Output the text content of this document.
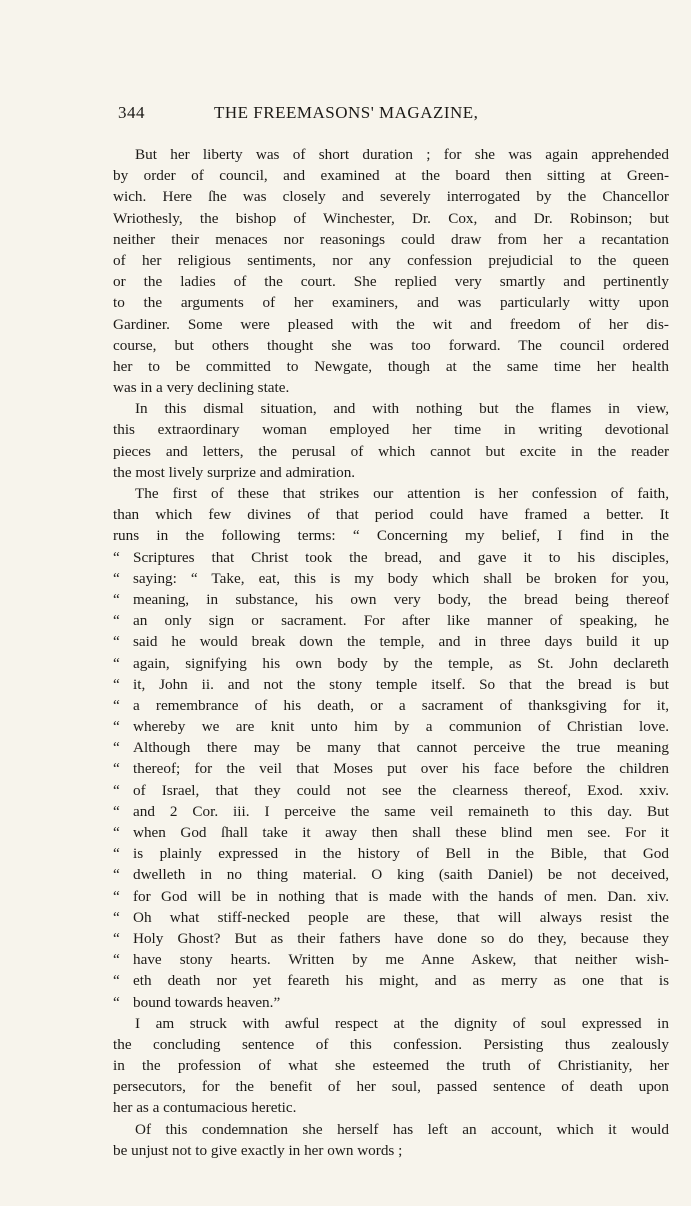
344	THE FREEMASONS' MAGAZINE,
But her liberty was of short duration ; for she was again apprehended
by order of council, and examined at the board then sitting at Green-
wich. Here ſhe was closely and severely interrogated by the Chancellor
Wriothesly, the bishop of Winchester, Dr. Cox, and Dr. Robinson; but
neither their menaces nor reasonings could draw from her a recantation
of her religious sentiments, nor any confession prejudicial to the queen
or the ladies of the court. She replied very smartly and pertinently
to the arguments of her examiners, and was particularly witty upon
Gardiner. Some were pleased with the wit and freedom of her dis-
course, but others thought she was too forward. The council ordered
her to be committed to Newgate, though at the same time her health
was in a very declining state.
In this dismal situation, and with nothing but the flames in view,
this extraordinary woman employed her time in writing devotional
pieces and letters, the perusal of which cannot but excite in the reader
the most lively surprize and admiration.
The first of these that strikes our attention is her confession of faith,
than which few divines of that period could have framed a better. It
runs in the following terms: “ Concerning my belief, I find in the
“ Scriptures that Christ took the bread, and gave it to his disciples,
“ saying: “ Take, eat, this is my body which shall be broken for you,
“ meaning, in substance, his own very body, the bread being thereof
“ an only sign or sacrament. For after like manner of speaking, he
“ said he would break down the temple, and in three days build it up
“ again, signifying his own body by the temple, as St. John declareth
“ it, John ii. and not the stony temple itself. So that the bread is but
“ a remembrance of his death, or a sacrament of thanksgiving for it,
“ whereby we are knit unto him by a communion of Christian love.
“ Although there may be many that cannot perceive the true meaning
“ thereof; for the veil that Moses put over his face before the children
“ of Israel, that they could not see the clearness thereof, Exod. xxiv.
“ and 2 Cor. iii. I perceive the same veil remaineth to this day. But
“ when God ſhall take it away then shall these blind men see. For it
“ is plainly expressed in the history of Bell in the Bible, that God
“ dwelleth in no thing material. O king (saith Daniel) be not deceived,
“ for God will be in nothing that is made with the hands of men. Dan. xiv.
“ Oh what stiff-necked people are these, that will always resist the
“ Holy Ghost? But as their fathers have done so do they, because they
“ have stony hearts. Written by me Anne Askew, that neither wish-
“ eth death nor yet feareth his might, and as merry as one that is
“ bound towards heaven.”
I am struck with awful respect at the dignity of soul expressed in
the concluding sentence of this confession. Persisting thus zealously
in the profession of what she esteemed the truth of Christianity, her
persecutors, for the benefit of her soul, passed sentence of death upon
her as a contumacious heretic.
Of this condemnation she herself has left an account, which it would
be unjust not to give exactly in her own words ;
